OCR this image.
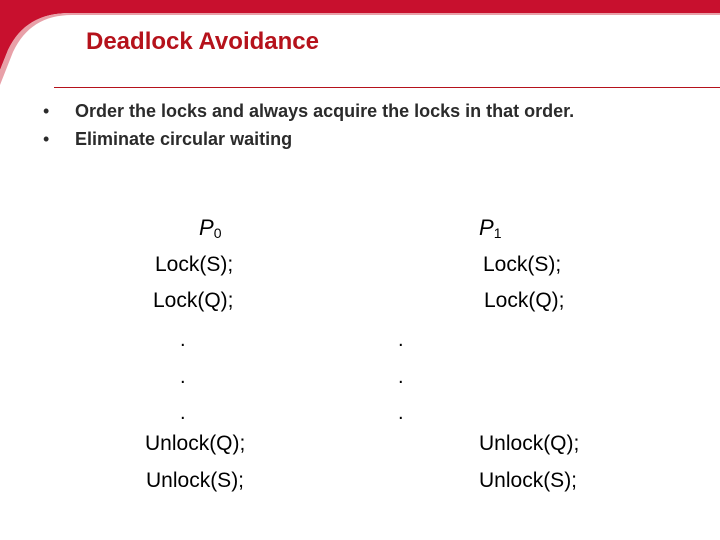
Deadlock Avoidance
•	Order the locks and always acquire the locks in that order.
•	Eliminate circular waiting
$P_0$
Lock(S);
Lock(Q);
.
.
.
Unlock(Q);
Unlock(S);
$P_1$
Lock(S);
Lock(Q);
.
.
.
Unlock(Q);
Unlock(S);
